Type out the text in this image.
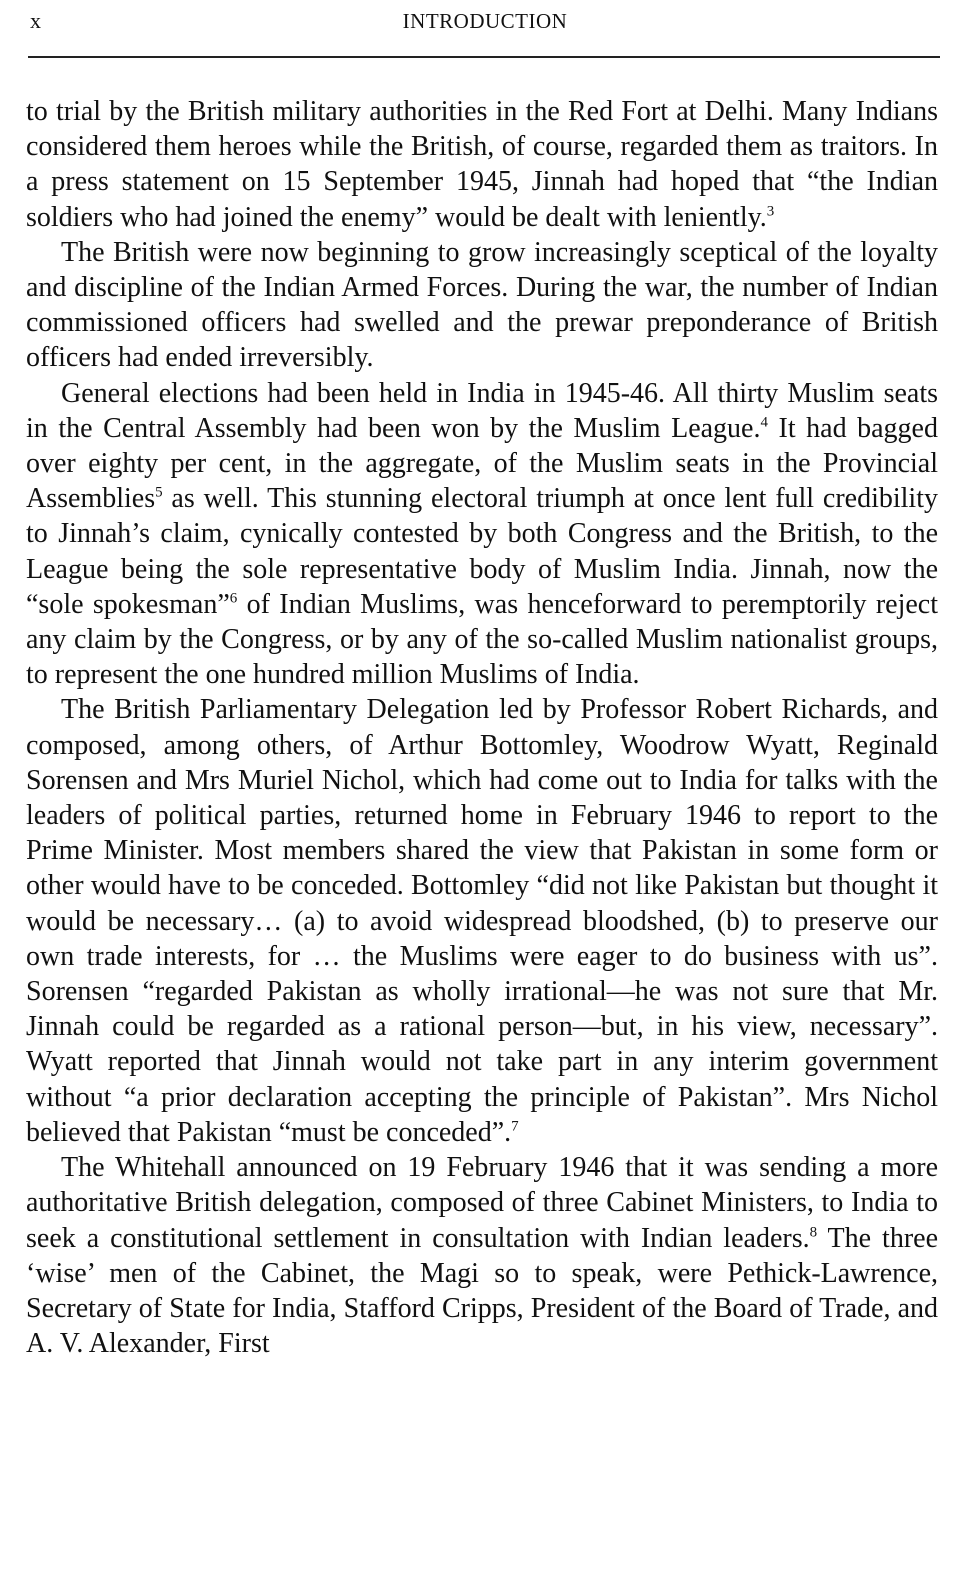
x	INTRODUCTION

to trial by the British military authorities in the Red Fort at Delhi. Many Indians considered them heroes while the British, of course, regarded them as traitors. In a press statement on 15 September 1945, Jinnah had hoped that “the Indian soldiers who had joined the enemy” would be dealt with leniently.$^3$

The British were now beginning to grow increasingly sceptical of the loyalty and discipline of the Indian Armed Forces. During the war, the number of Indian commissioned officers had swelled and the prewar preponderance of British officers had ended irreversibly.

General elections had been held in India in 1945-46. All thirty Muslim seats in the Central Assembly had been won by the Muslim League.$^4$ It had bagged over eighty per cent, in the aggregate, of the Muslim seats in the Provincial Assemblies$^5$ as well. This stunning electoral triumph at once lent full credibility to Jinnah’s claim, cynically contested by both Congress and the British, to the League being the sole representative body of Muslim India. Jinnah, now the “sole spokesman”$^6$ of Indian Muslims, was henceforward to peremptorily reject any claim by the Congress, or by any of the so-called Muslim nationalist groups, to represent the one hundred million Muslims of India.

The British Parliamentary Delegation led by Professor Robert Richards, and composed, among others, of Arthur Bottomley, Woodrow Wyatt, Reginald Sorensen and Mrs Muriel Nichol, which had come out to India for talks with the leaders of political parties, returned home in February 1946 to report to the Prime Minister. Most members shared the view that Pakistan in some form or other would have to be conceded. Bottomley “did not like Pakistan but thought it would be necessary… (a) to avoid widespread bloodshed, (b) to preserve our own trade interests, for … the Muslims were eager to do business with us”. Sorensen “regarded Pakistan as wholly irrational—he was not sure that Mr. Jinnah could be regarded as a rational person—but, in his view, necessary”. Wyatt reported that Jinnah would not take part in any interim government without “a prior declaration accepting the principle of Pakistan”. Mrs Nichol believed that Pakistan “must be conceded”.$^7$

The Whitehall announced on 19 February 1946 that it was sending a more authoritative British delegation, composed of three Cabinet Ministers, to India to seek a constitutional settlement in consultation with Indian leaders.$^8$ The three ‘wise’ men of the Cabinet, the Magi so to speak, were Pethick-Lawrence, Secretary of State for India, Stafford Cripps, President of the Board of Trade, and A. V. Alexander, First
